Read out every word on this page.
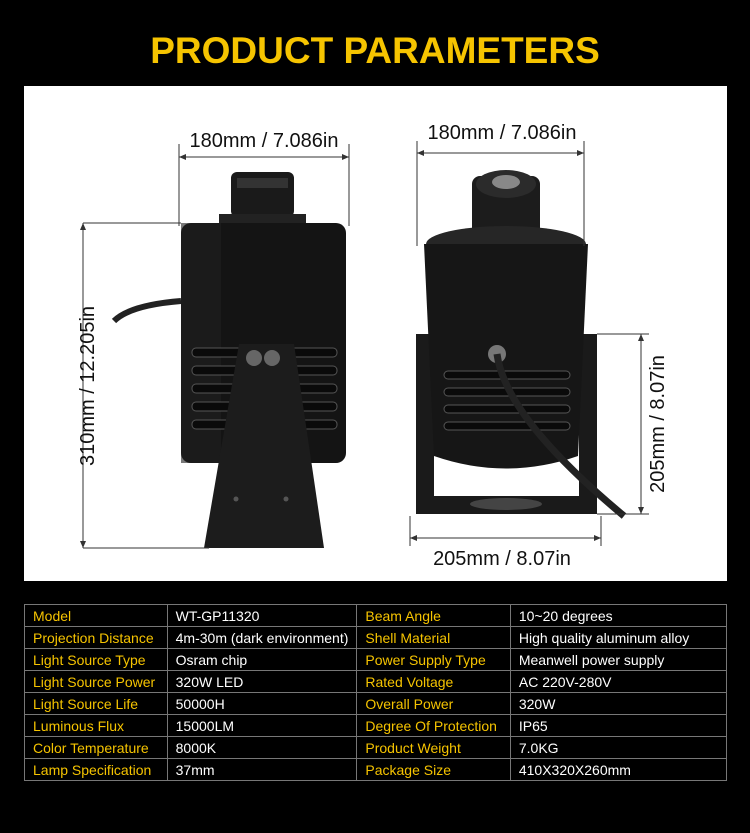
PRODUCT PARAMETERS
180mm / 7.086in
310mm / 12.205in
180mm / 7.086in
205mm / 8.07in
205mm / 8.07in
Model	WT-GP11320	Beam Angle	10~20 degrees
Projection Distance	4m-30m (dark environment)	Shell Material	High quality aluminum alloy
Light Source Type	Osram chip	Power Supply Type	Meanwell power supply
Light Source Power	320W LED	Rated Voltage	AC 220V-280V
Light Source Life	50000H	Overall Power	320W
Luminous Flux	15000LM	Degree Of Protection	IP65
Color Temperature	8000K	Product Weight	7.0KG
Lamp Specification	37mm	Package Size	410X320X260mm
